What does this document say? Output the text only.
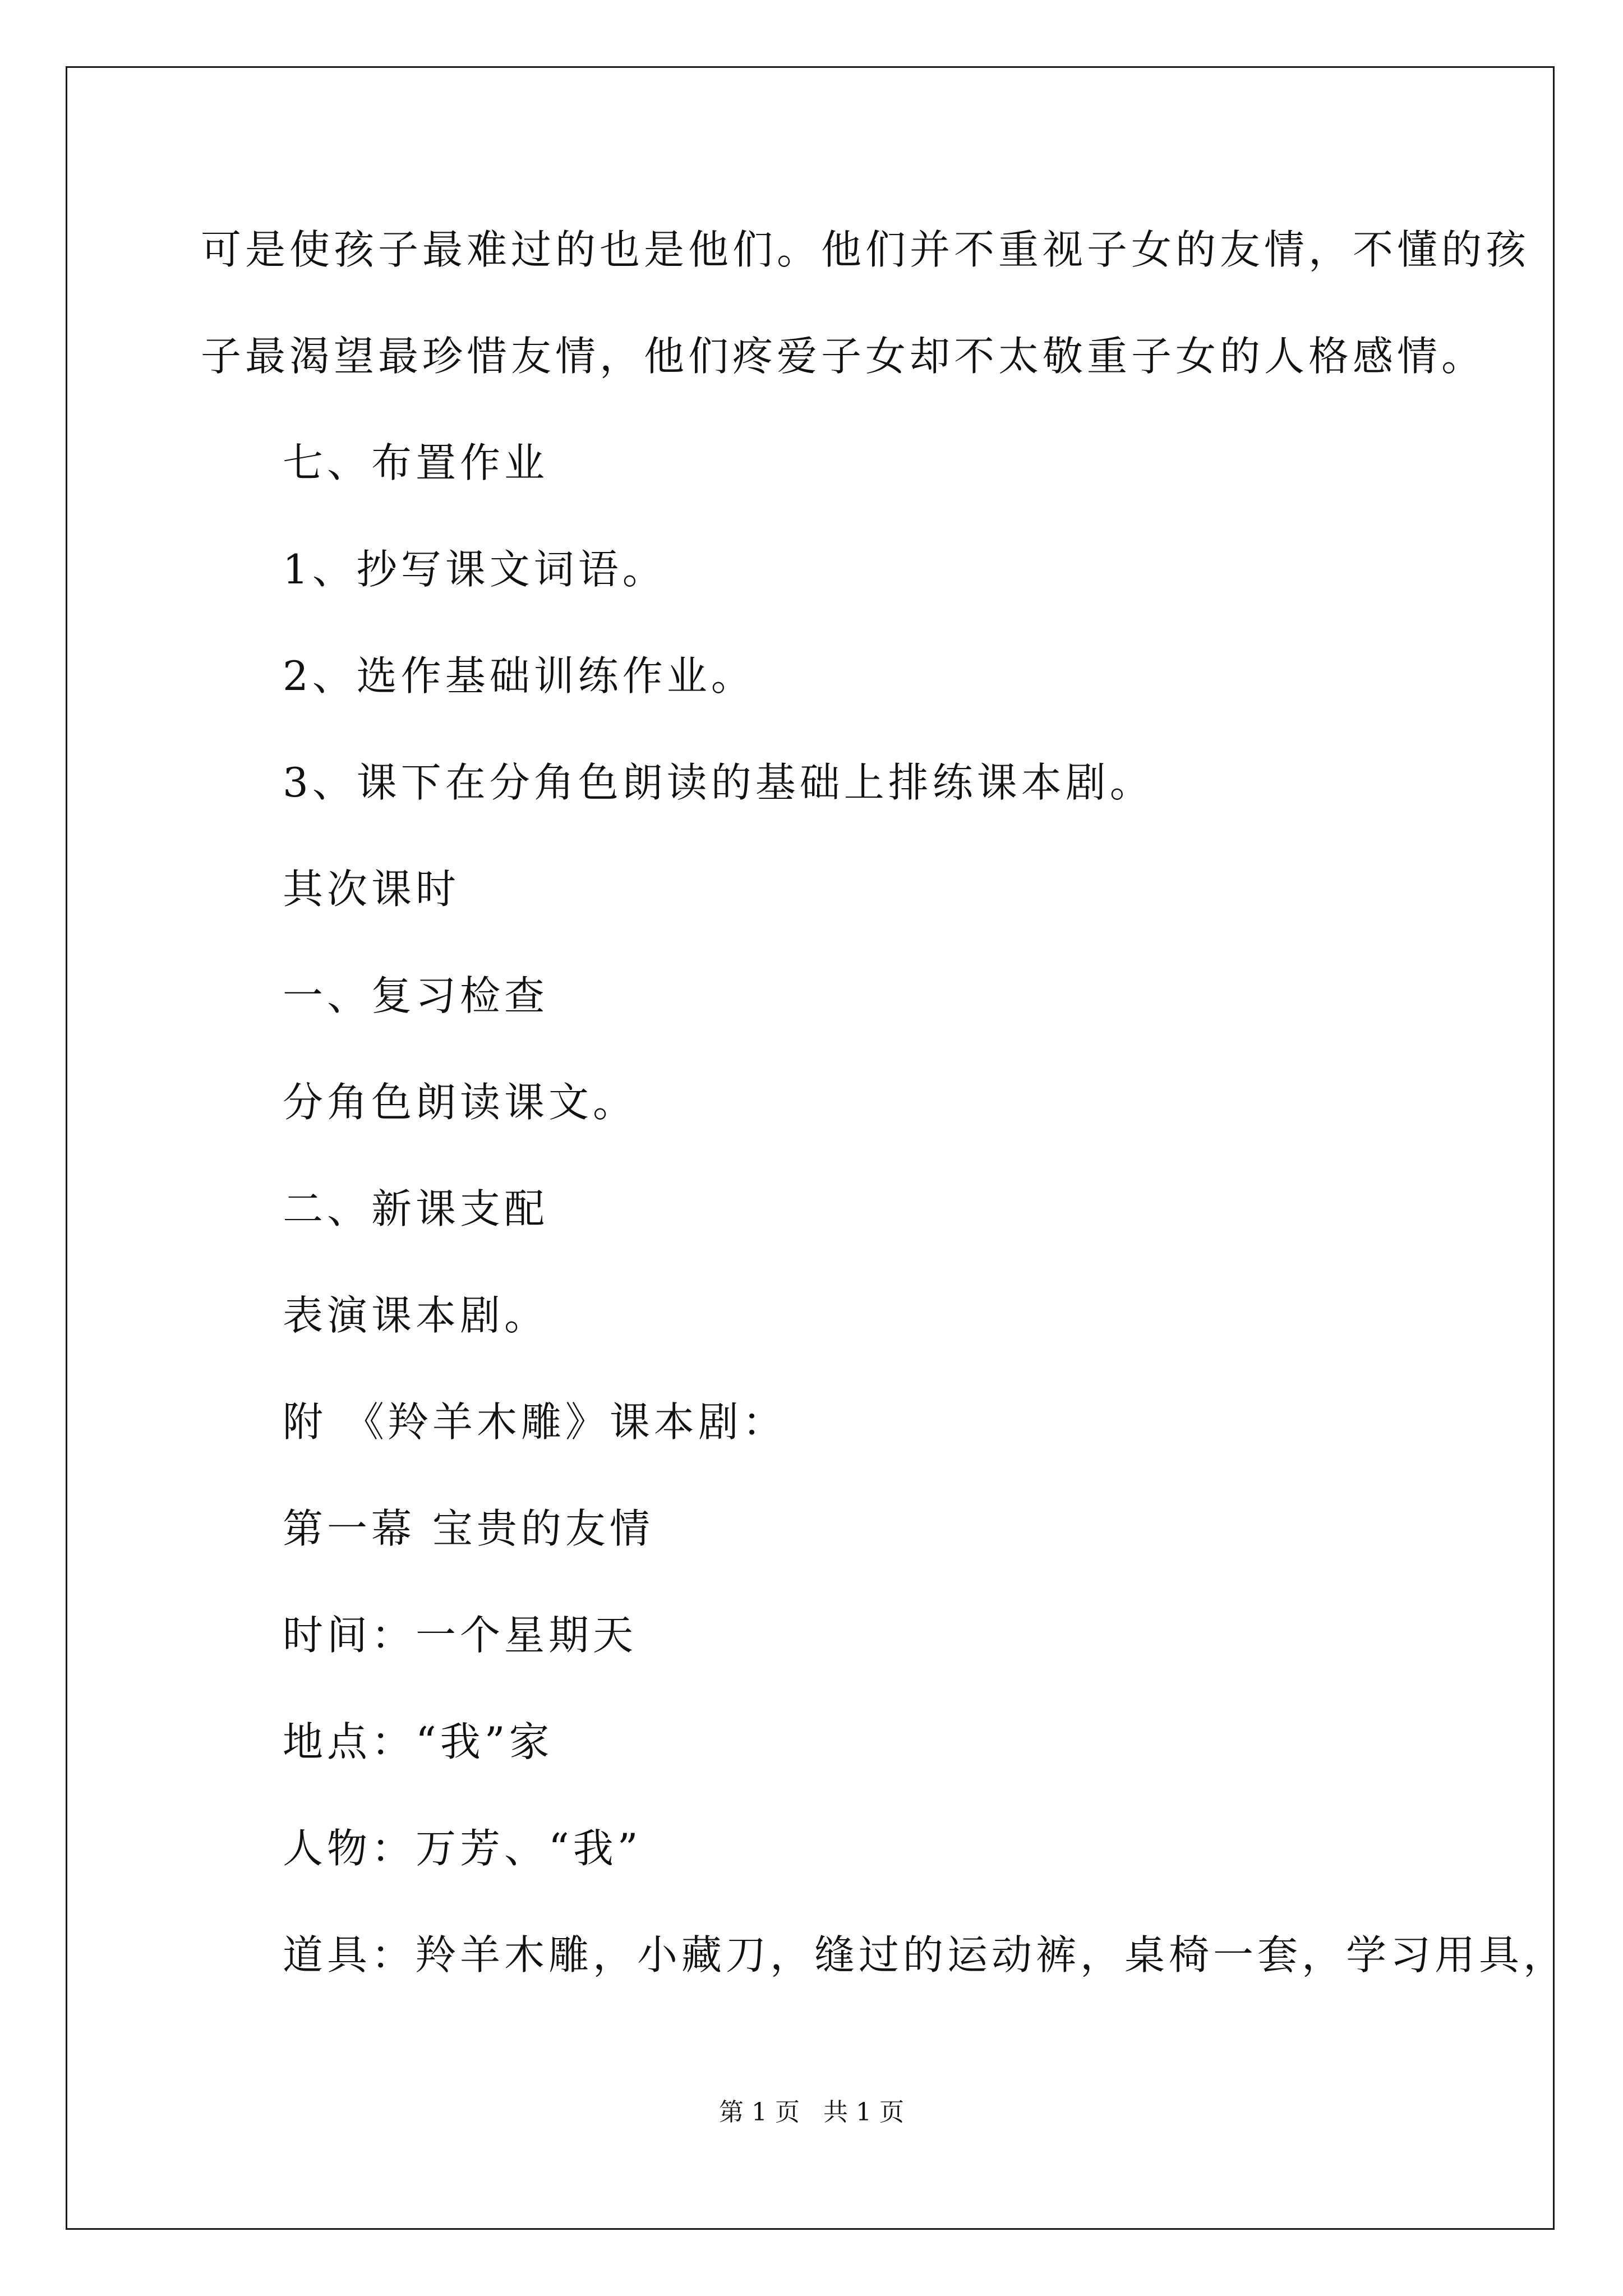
可是使孩子最难过的也是他们。他们并不重视子女的友情，不懂的孩
子最渴望最珍惜友情，他们疼爱子女却不太敬重子女的人格感情。
七、布置作业
1、抄写课文词语。
2、选作基础训练作业。
3、课下在分角色朗读的基础上排练课本剧。
其次课时
一、复习检查
分角色朗读课文。
二、新课支配
表演课本剧。
附 《羚羊木雕》课本剧：
第一幕 宝贵的友情
时间：一个星期天
地点：“我”家
人物：万芳、“我”
道具：羚羊木雕，小藏刀，缝过的运动裤，桌椅一套，学习用具，
第 1 页   共 1 页
